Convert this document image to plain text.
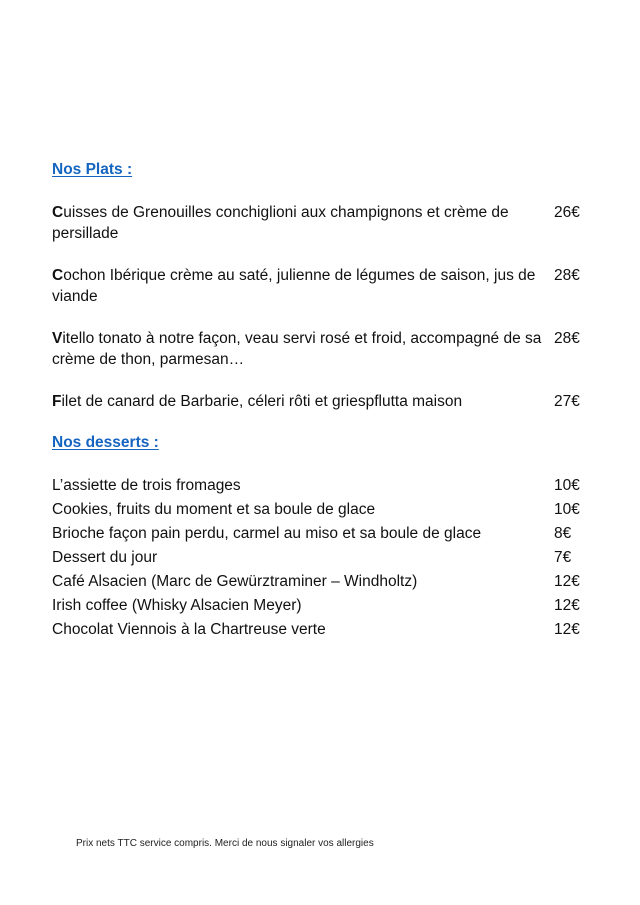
Nos Plats :
Cuisses de Grenouilles conchiglioni aux champignons et crème de persillade
26€
Cochon Ibérique crème au saté, julienne de légumes de saison, jus de viande
28€
Vitello tonato à notre façon, veau servi rosé et froid, accompagné de sa crème de thon, parmesan…
28€
Filet de canard de Barbarie, céleri rôti et griespflutta maison	27€
Nos desserts :
L’assiette de trois fromages	10€
Cookies, fruits du moment et sa boule de glace	10€
Brioche façon pain perdu, carmel au miso et sa boule de glace	8€
Dessert du jour	7€
Café Alsacien (Marc de Gewürztraminer – Windholtz)	12€
Irish coffee (Whisky Alsacien Meyer)	12€
Chocolat Viennois à la Chartreuse verte	12€
Prix nets TTC service compris. Merci de nous signaler vos allergies
